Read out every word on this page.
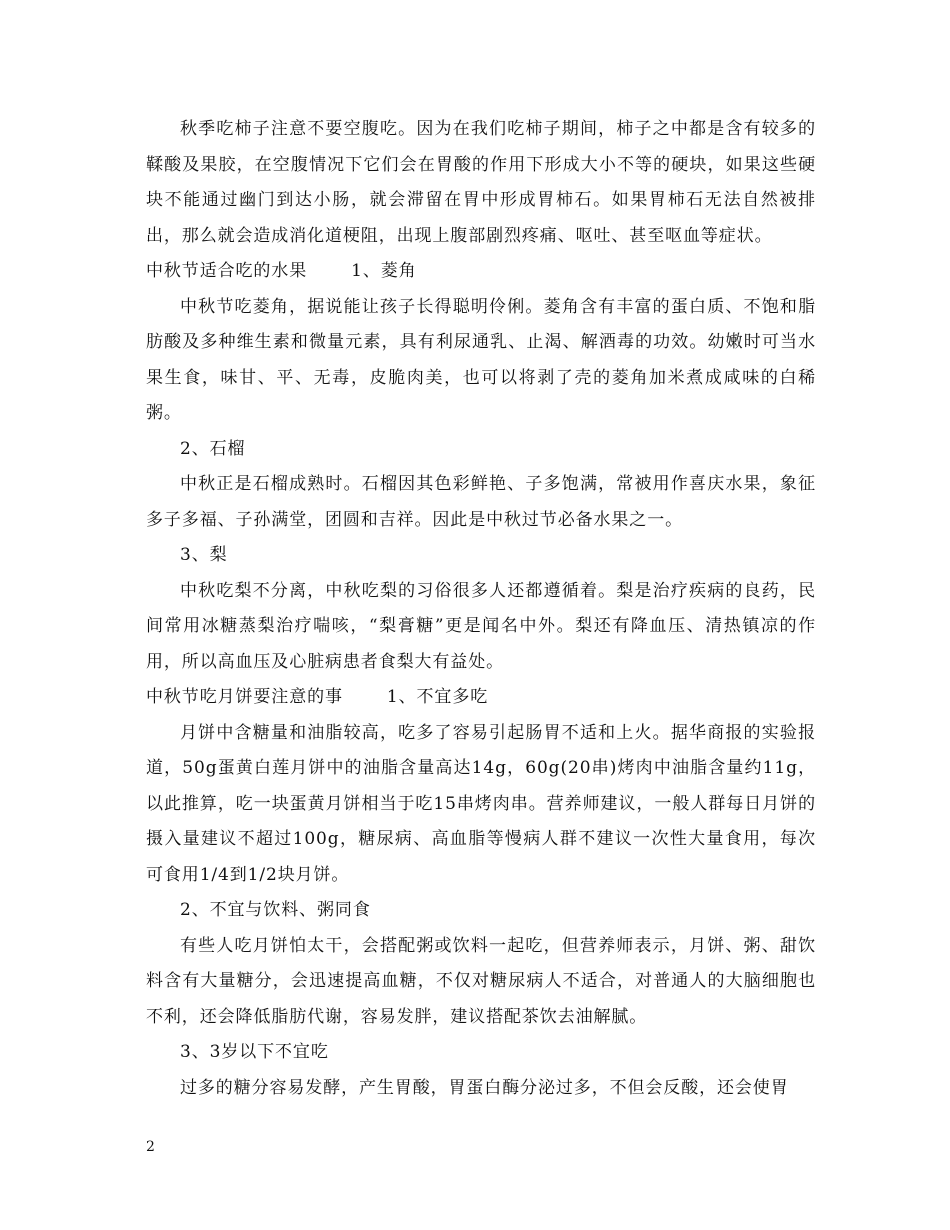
秋季吃柿子注意不要空腹吃。因为在我们吃柿子期间，柿子之中都是含有较多的鞣酸及果胶，在空腹情况下它们会在胃酸的作用下形成大小不等的硬块，如果这些硬块不能通过幽门到达小肠，就会滞留在胃中形成胃柿石。如果胃柿石无法自然被排出，那么就会造成消化道梗阻，出现上腹部剧烈疼痛、呕吐、甚至呕血等症状。

中秋节适合吃的水果	1、菱角

中秋节吃菱角，据说能让孩子长得聪明伶俐。菱角含有丰富的蛋白质、不饱和脂肪酸及多种维生素和微量元素，具有利尿通乳、止渴、解酒毒的功效。幼嫩时可当水果生食，味甘、平、无毒，皮脆肉美，也可以将剥了壳的菱角加米煮成咸味的白稀粥。

2、石榴

中秋正是石榴成熟时。石榴因其色彩鲜艳、子多饱满，常被用作喜庆水果，象征多子多福、子孙满堂，团圆和吉祥。因此是中秋过节必备水果之一。

3、梨

中秋吃梨不分离，中秋吃梨的习俗很多人还都遵循着。梨是治疗疾病的良药，民间常用冰糖蒸梨治疗喘咳，“梨膏糖”更是闻名中外。梨还有降血压、清热镇凉的作用，所以高血压及心脏病患者食梨大有益处。

中秋节吃月饼要注意的事	1、不宜多吃

月饼中含糖量和油脂较高，吃多了容易引起肠胃不适和上火。据华商报的实验报道，50g蛋黄白莲月饼中的油脂含量高达14g，60g(20串)烤肉中油脂含量约11g，以此推算，吃一块蛋黄月饼相当于吃15串烤肉串。营养师建议，一般人群每日月饼的摄入量建议不超过100g，糖尿病、高血脂等慢病人群不建议一次性大量食用，每次可食用1/4到1/2块月饼。

2、不宜与饮料、粥同食

有些人吃月饼怕太干，会搭配粥或饮料一起吃，但营养师表示，月饼、粥、甜饮料含有大量糖分，会迅速提高血糖，不仅对糖尿病人不适合，对普通人的大脑细胞也不利，还会降低脂肪代谢，容易发胖，建议搭配茶饮去油解腻。

3、3岁以下不宜吃

过多的糖分容易发酵，产生胃酸，胃蛋白酶分泌过多，不但会反酸，还会使胃

2
